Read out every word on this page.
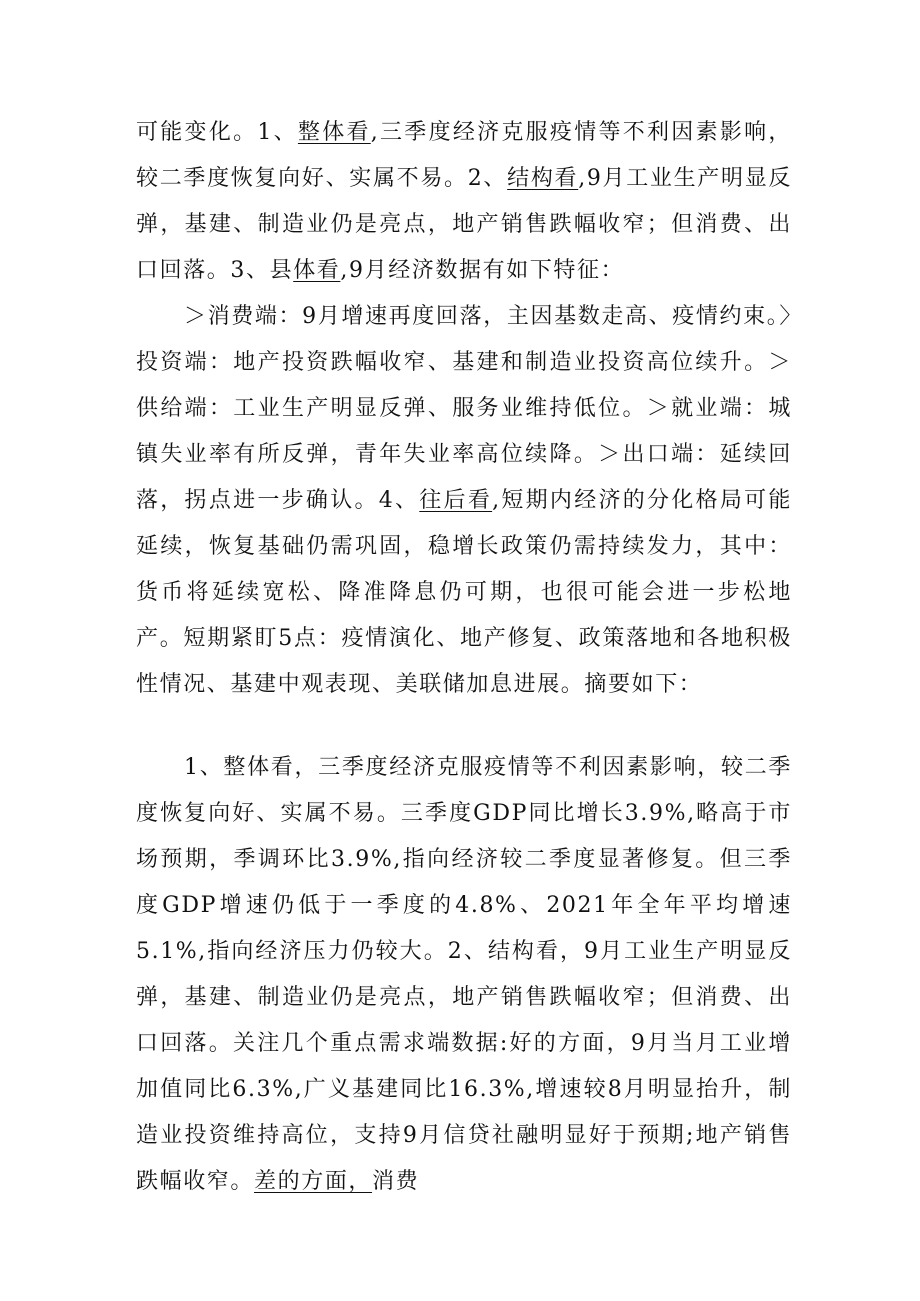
可能变化。1、整体看,三季度经济克服疫情等不利因素影响，较二季度恢复向好、实属不易。2、结构看,9月工业生产明显反弹，基建、制造业仍是亮点，地产销售跌幅收窄；但消费、出口回落。3、县体看,9月经济数据有如下特征：

＞消费端：9月增速再度回落，主因基数走高、疫情约束。〉投资端：地产投资跌幅收窄、基建和制造业投资高位续升。＞供给端：工业生产明显反弹、服务业维持低位。＞就业端：城镇失业率有所反弹，青年失业率高位续降。＞出口端：延续回落，拐点进一步确认。4、往后看,短期内经济的分化格局可能延续，恢复基础仍需巩固，稳增长政策仍需持续发力，其中：货币将延续宽松、降准降息仍可期，也很可能会进一步松地产。短期紧盯5点：疫情演化、地产修复、政策落地和各地积极性情况、基建中观表现、美联储加息进展。摘要如下：

1、整体看，三季度经济克服疫情等不利因素影响，较二季度恢复向好、实属不易。三季度GDP同比增长3.9%,略高于市场预期，季调环比3.9%,指向经济较二季度显著修复。但三季度GDP增速仍低于一季度的4.8%、2021年全年平均增速5.1%,指向经济压力仍较大。2、结构看，9月工业生产明显反弹，基建、制造业仍是亮点，地产销售跌幅收窄；但消费、出口回落。关注几个重点需求端数据:好的方面，9月当月工业增加值同比6.3%,广义基建同比16.3%,增速较8月明显抬升，制造业投资维持高位，支持9月信贷社融明显好于预期;地产销售跌幅收窄。差的方面，消费
